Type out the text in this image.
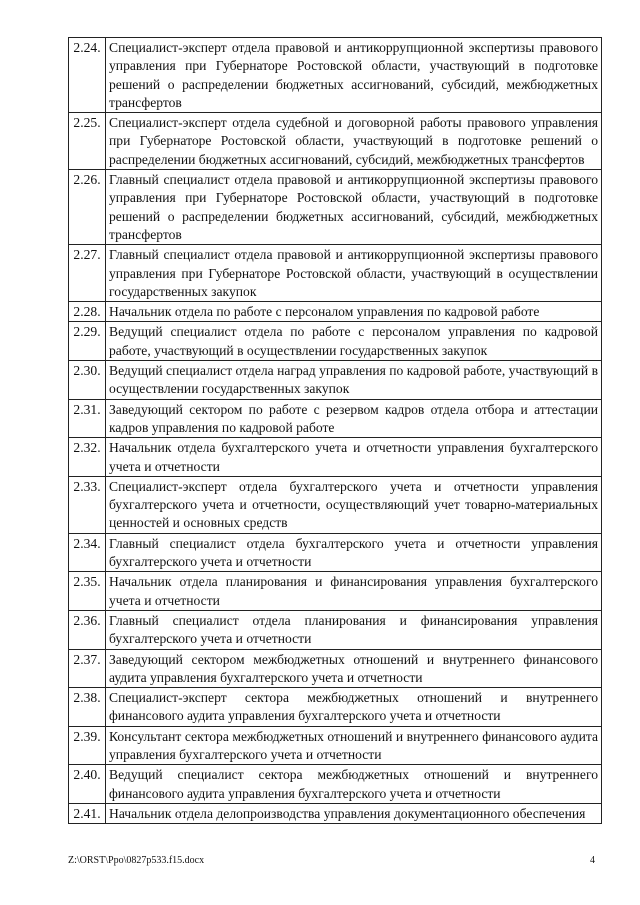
2.24.	Специалист-эксперт отдела правовой и антикоррупционной экспертизы правового управления при Губернаторе Ростовской области, участвующий в подготовке решений о распределении бюджетных ассигнований, субсидий, межбюджетных трансфертов
2.25.	Специалист-эксперт отдела судебной и договорной работы правового управления при Губернаторе Ростовской области, участвующий в подготовке решений о распределении бюджетных ассигнований, субсидий, межбюджетных трансфертов
2.26.	Главный специалист отдела правовой и антикоррупционной экспертизы правового управления при Губернаторе Ростовской области, участвующий в подготовке решений о распределении бюджетных ассигнований, субсидий, межбюджетных трансфертов
2.27.	Главный специалист отдела правовой и антикоррупционной экспертизы правового управления при Губернаторе Ростовской области, участвующий в осуществлении государственных закупок
2.28.	Начальник отдела по работе с персоналом управления по кадровой работе
2.29.	Ведущий специалист отдела по работе с персоналом управления по кадровой работе, участвующий в осуществлении государственных закупок
2.30.	Ведущий специалист отдела наград управления по кадровой работе, участвующий в осуществлении государственных закупок
2.31.	Заведующий сектором по работе с резервом кадров отдела отбора и аттестации кадров управления по кадровой работе
2.32.	Начальник отдела бухгалтерского учета и отчетности управления бухгалтерского учета и отчетности
2.33.	Специалист-эксперт отдела бухгалтерского учета и отчетности управления бухгалтерского учета и отчетности, осуществляющий учет товарно-материальных ценностей и основных средств
2.34.	Главный специалист отдела бухгалтерского учета и отчетности управления бухгалтерского учета и отчетности
2.35.	Начальник отдела планирования и финансирования управления бухгалтерского учета и отчетности
2.36.	Главный специалист отдела планирования и финансирования управления бухгалтерского учета и отчетности
2.37.	Заведующий сектором межбюджетных отношений и внутреннего финансового аудита управления бухгалтерского учета и отчетности
2.38.	Специалист-эксперт сектора межбюджетных отношений и внутреннего финансового аудита управления бухгалтерского учета и отчетности
2.39.	Консультант сектора межбюджетных отношений и внутреннего финансового аудита управления бухгалтерского учета и отчетности
2.40.	Ведущий специалист сектора межбюджетных отношений и внутреннего финансового аудита управления бухгалтерского учета и отчетности
2.41.	Начальник отдела делопроизводства управления документационного обеспечения
Z:\ORST\Ppo\0827p533.f15.docx	4
